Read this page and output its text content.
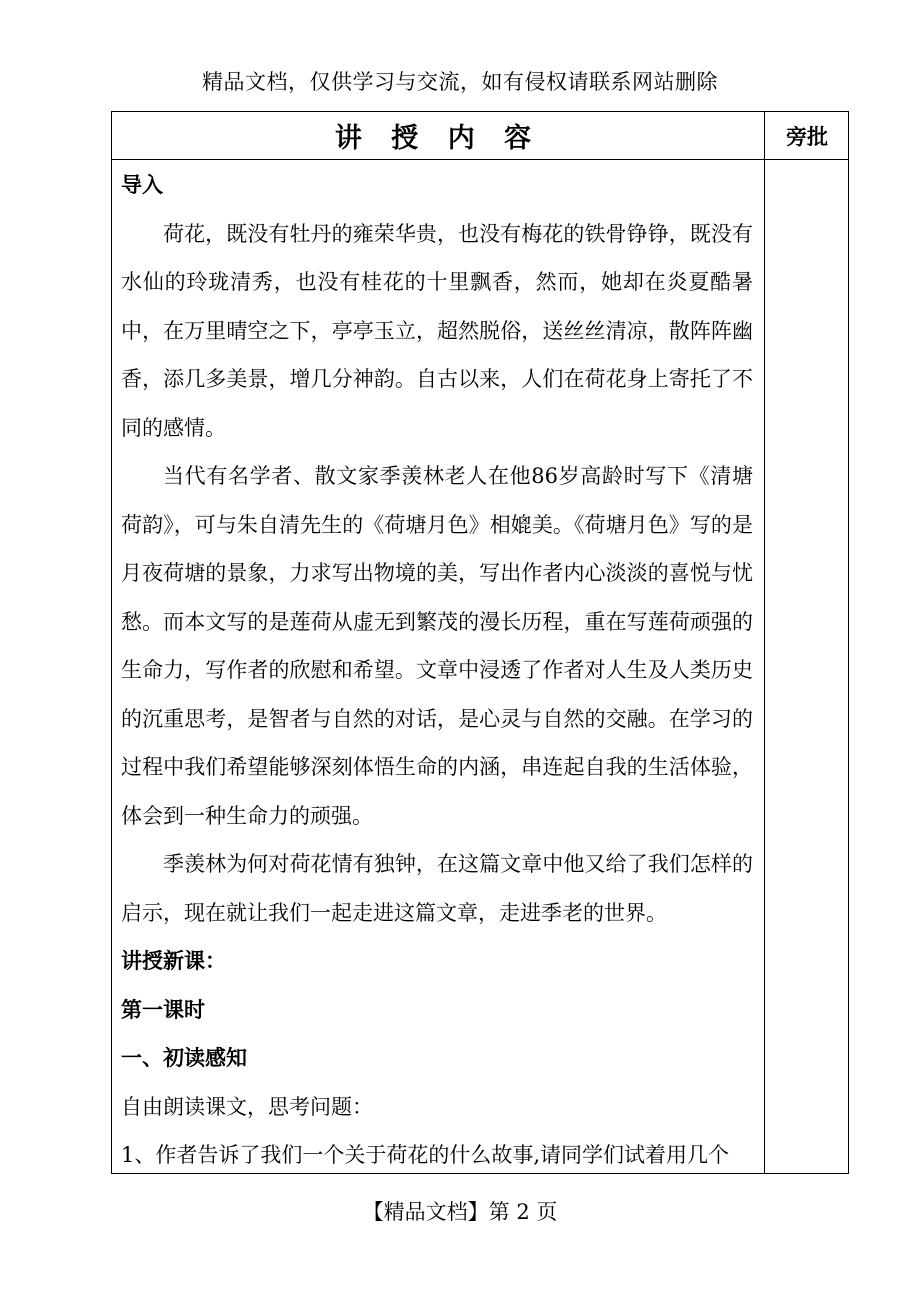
精品文档，仅供学习与交流，如有侵权请联系网站删除
讲 授 内 容	旁批

导入

荷花，既没有牡丹的雍荣华贵，也没有梅花的铁骨铮铮，既没有水仙的玲珑清秀，也没有桂花的十里飘香，然而，她却在炎夏酷暑中，在万里晴空之下，亭亭玉立，超然脱俗，送丝丝清凉，散阵阵幽香，添几多美景，增几分神韵。自古以来，人们在荷花身上寄托了不同的感情。

当代有名学者、散文家季羡林老人在他86岁高龄时写下《清塘荷韵》，可与朱自清先生的《荷塘月色》相媲美。《荷塘月色》写的是月夜荷塘的景象，力求写出物境的美，写出作者内心淡淡的喜悦与忧愁。而本文写的是莲荷从虚无到繁茂的漫长历程，重在写莲荷顽强的生命力，写作者的欣慰和希望。文章中浸透了作者对人生及人类历史的沉重思考，是智者与自然的对话，是心灵与自然的交融。在学习的过程中我们希望能够深刻体悟生命的内涵，串连起自我的生活体验，体会到一种生命力的顽强。

季羡林为何对荷花情有独钟，在这篇文章中他又给了我们怎样的启示，现在就让我们一起走进这篇文章，走进季老的世界。

讲授新课：

第一课时

一、初读感知

自由朗读课文，思考问题：

1、作者告诉了我们一个关于荷花的什么故事,请同学们试着用几个

【精品文档】第 2 页
